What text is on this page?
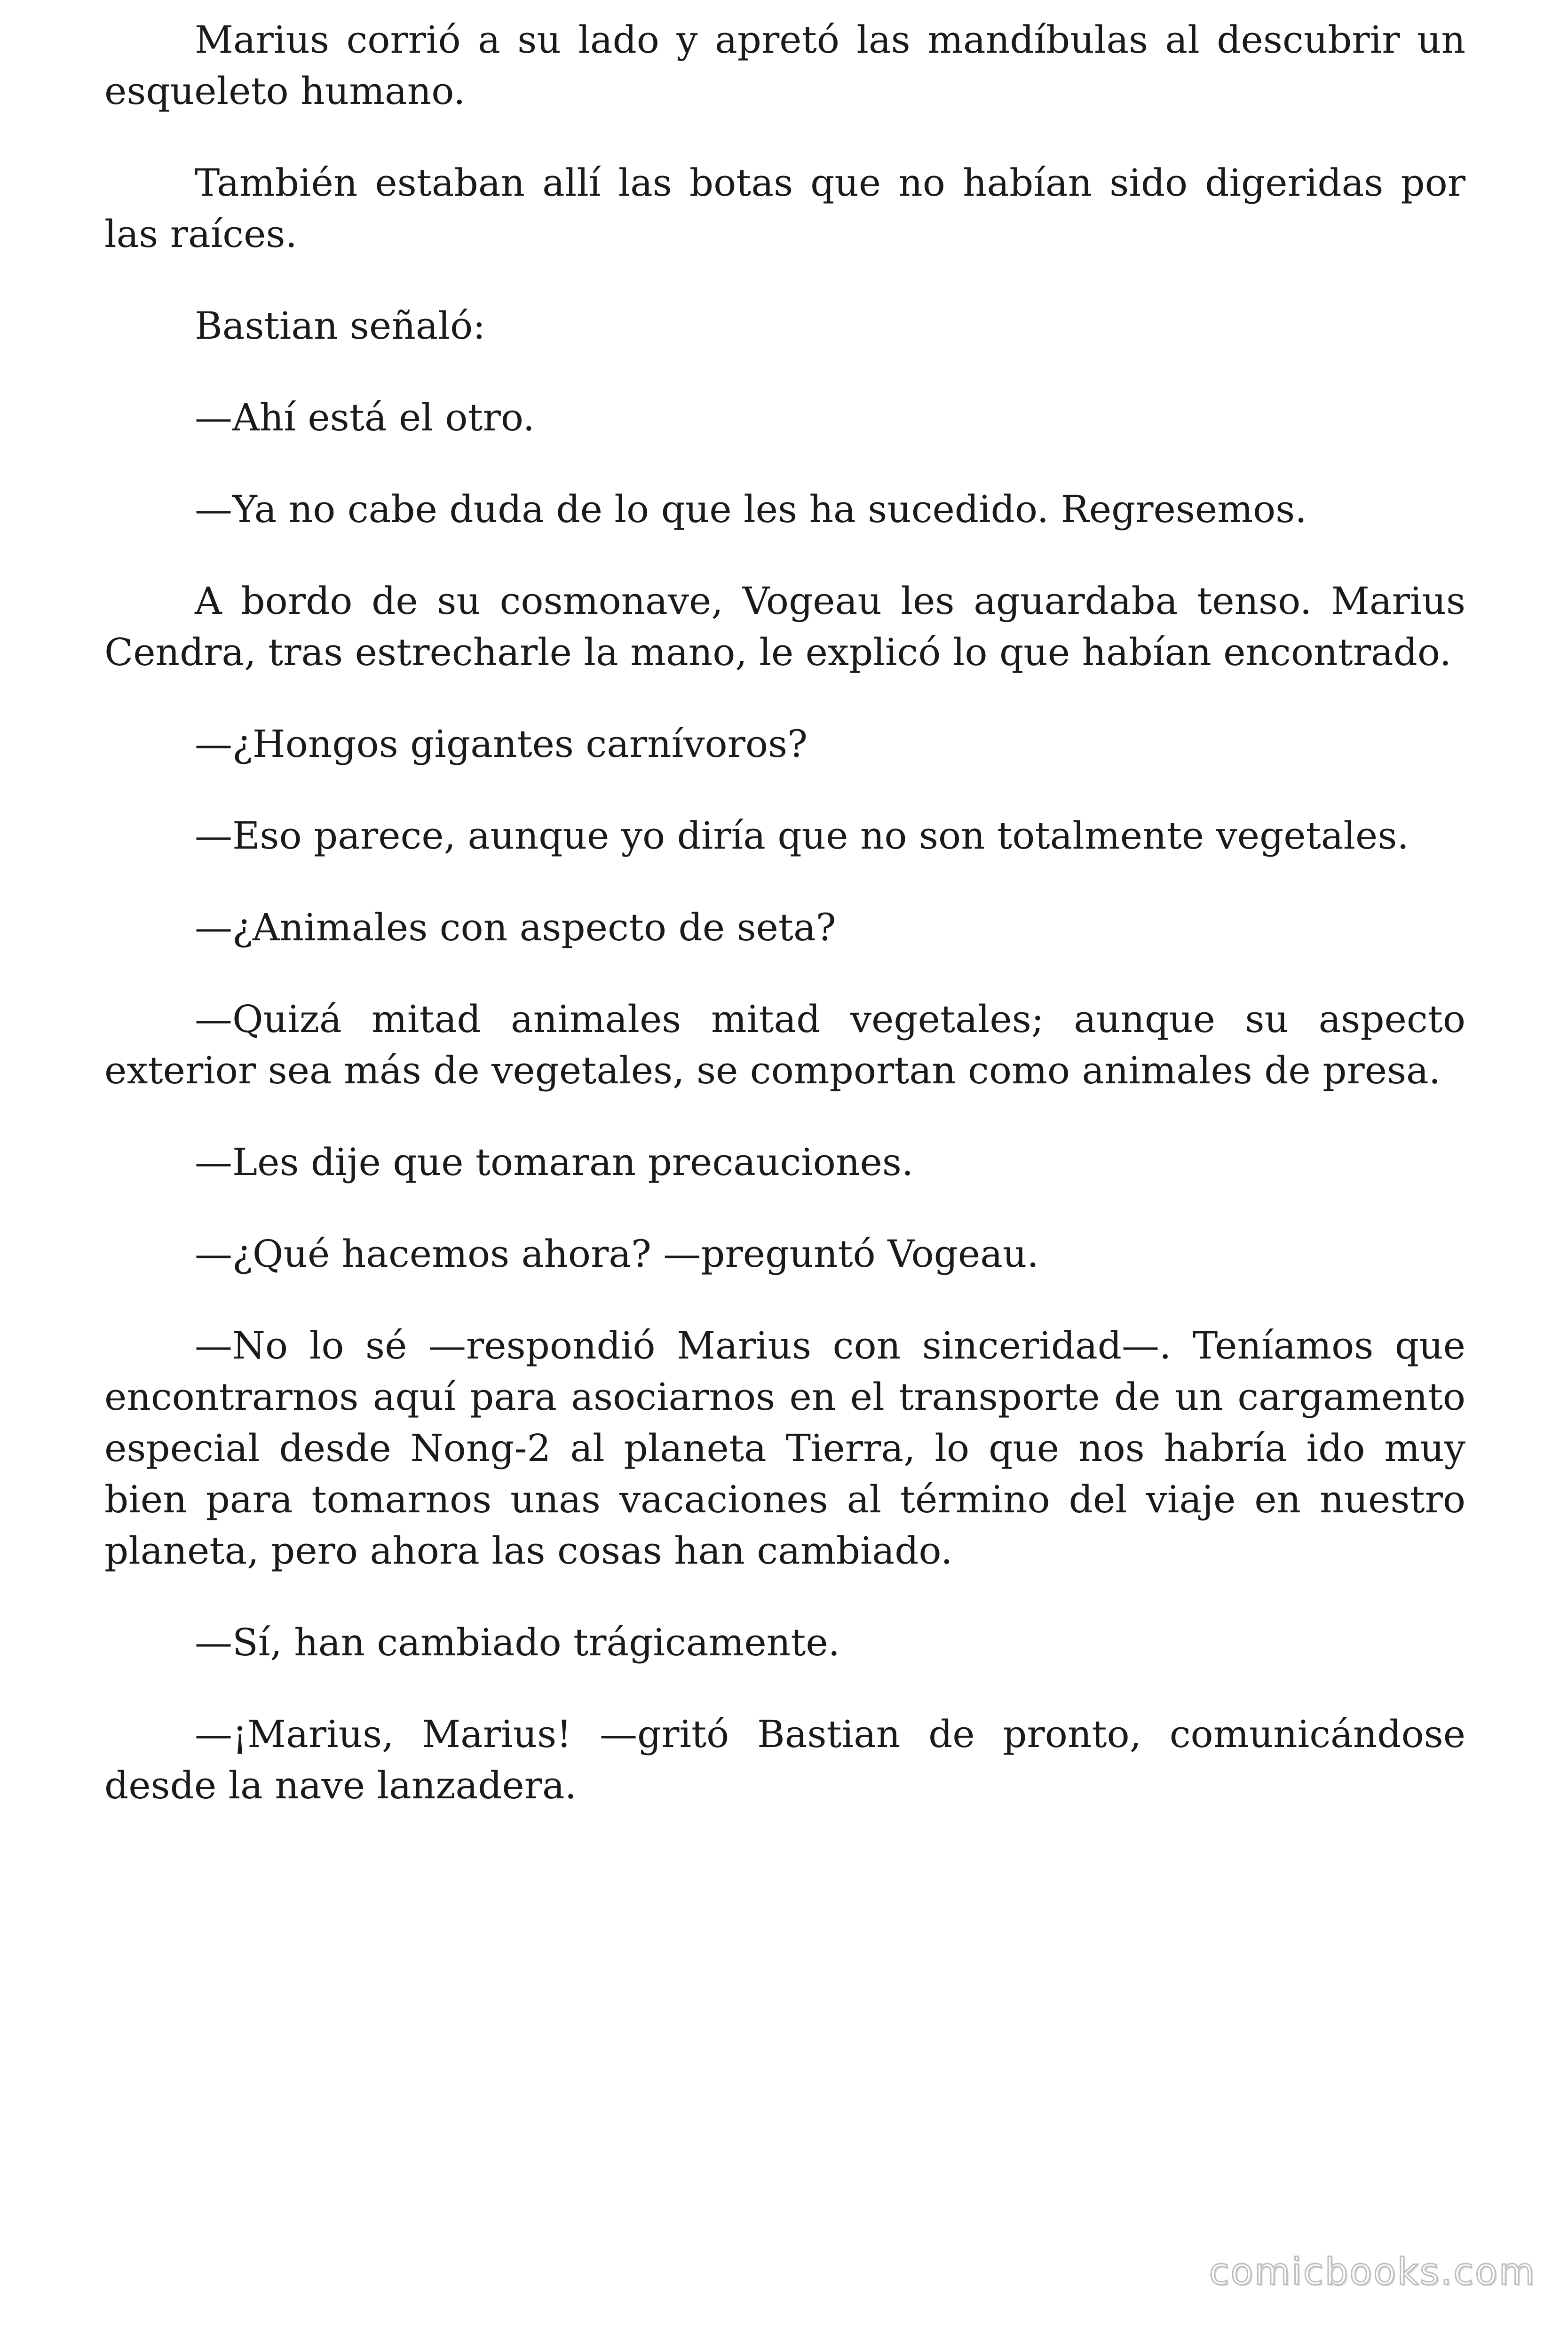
Marius corrió a su lado y apretó las mandíbulas al descubrir un esqueleto humano.

También estaban allí las botas que no habían sido digeridas por las raíces.

Bastian señaló:

—Ahí está el otro.

—Ya no cabe duda de lo que les ha sucedido. Regresemos.

A bordo de su cosmonave, Vogeau les aguardaba tenso. Marius Cendra, tras estrecharle la mano, le explicó lo que habían encontrado.

—¿Hongos gigantes carnívoros?

—Eso parece, aunque yo diría que no son totalmente vegetales.

—¿Animales con aspecto de seta?

—Quizá mitad animales mitad vegetales; aunque su aspecto exterior sea más de vegetales, se comportan como animales de presa.

—Les dije que tomaran precauciones.

—¿Qué hacemos ahora? —preguntó Vogeau.

—No lo sé —respondió Marius con sinceridad—. Teníamos que encontrarnos aquí para asociarnos en el transporte de un cargamento especial desde Nong-2 al planeta Tierra, lo que nos habría ido muy bien para tomarnos unas vacaciones al término del viaje en nuestro planeta, pero ahora las cosas han cambiado.

—Sí, han cambiado trágicamente.

—¡Marius, Marius! —gritó Bastian de pronto, comunicándose desde la nave lanzadera.

comicbooks.com
